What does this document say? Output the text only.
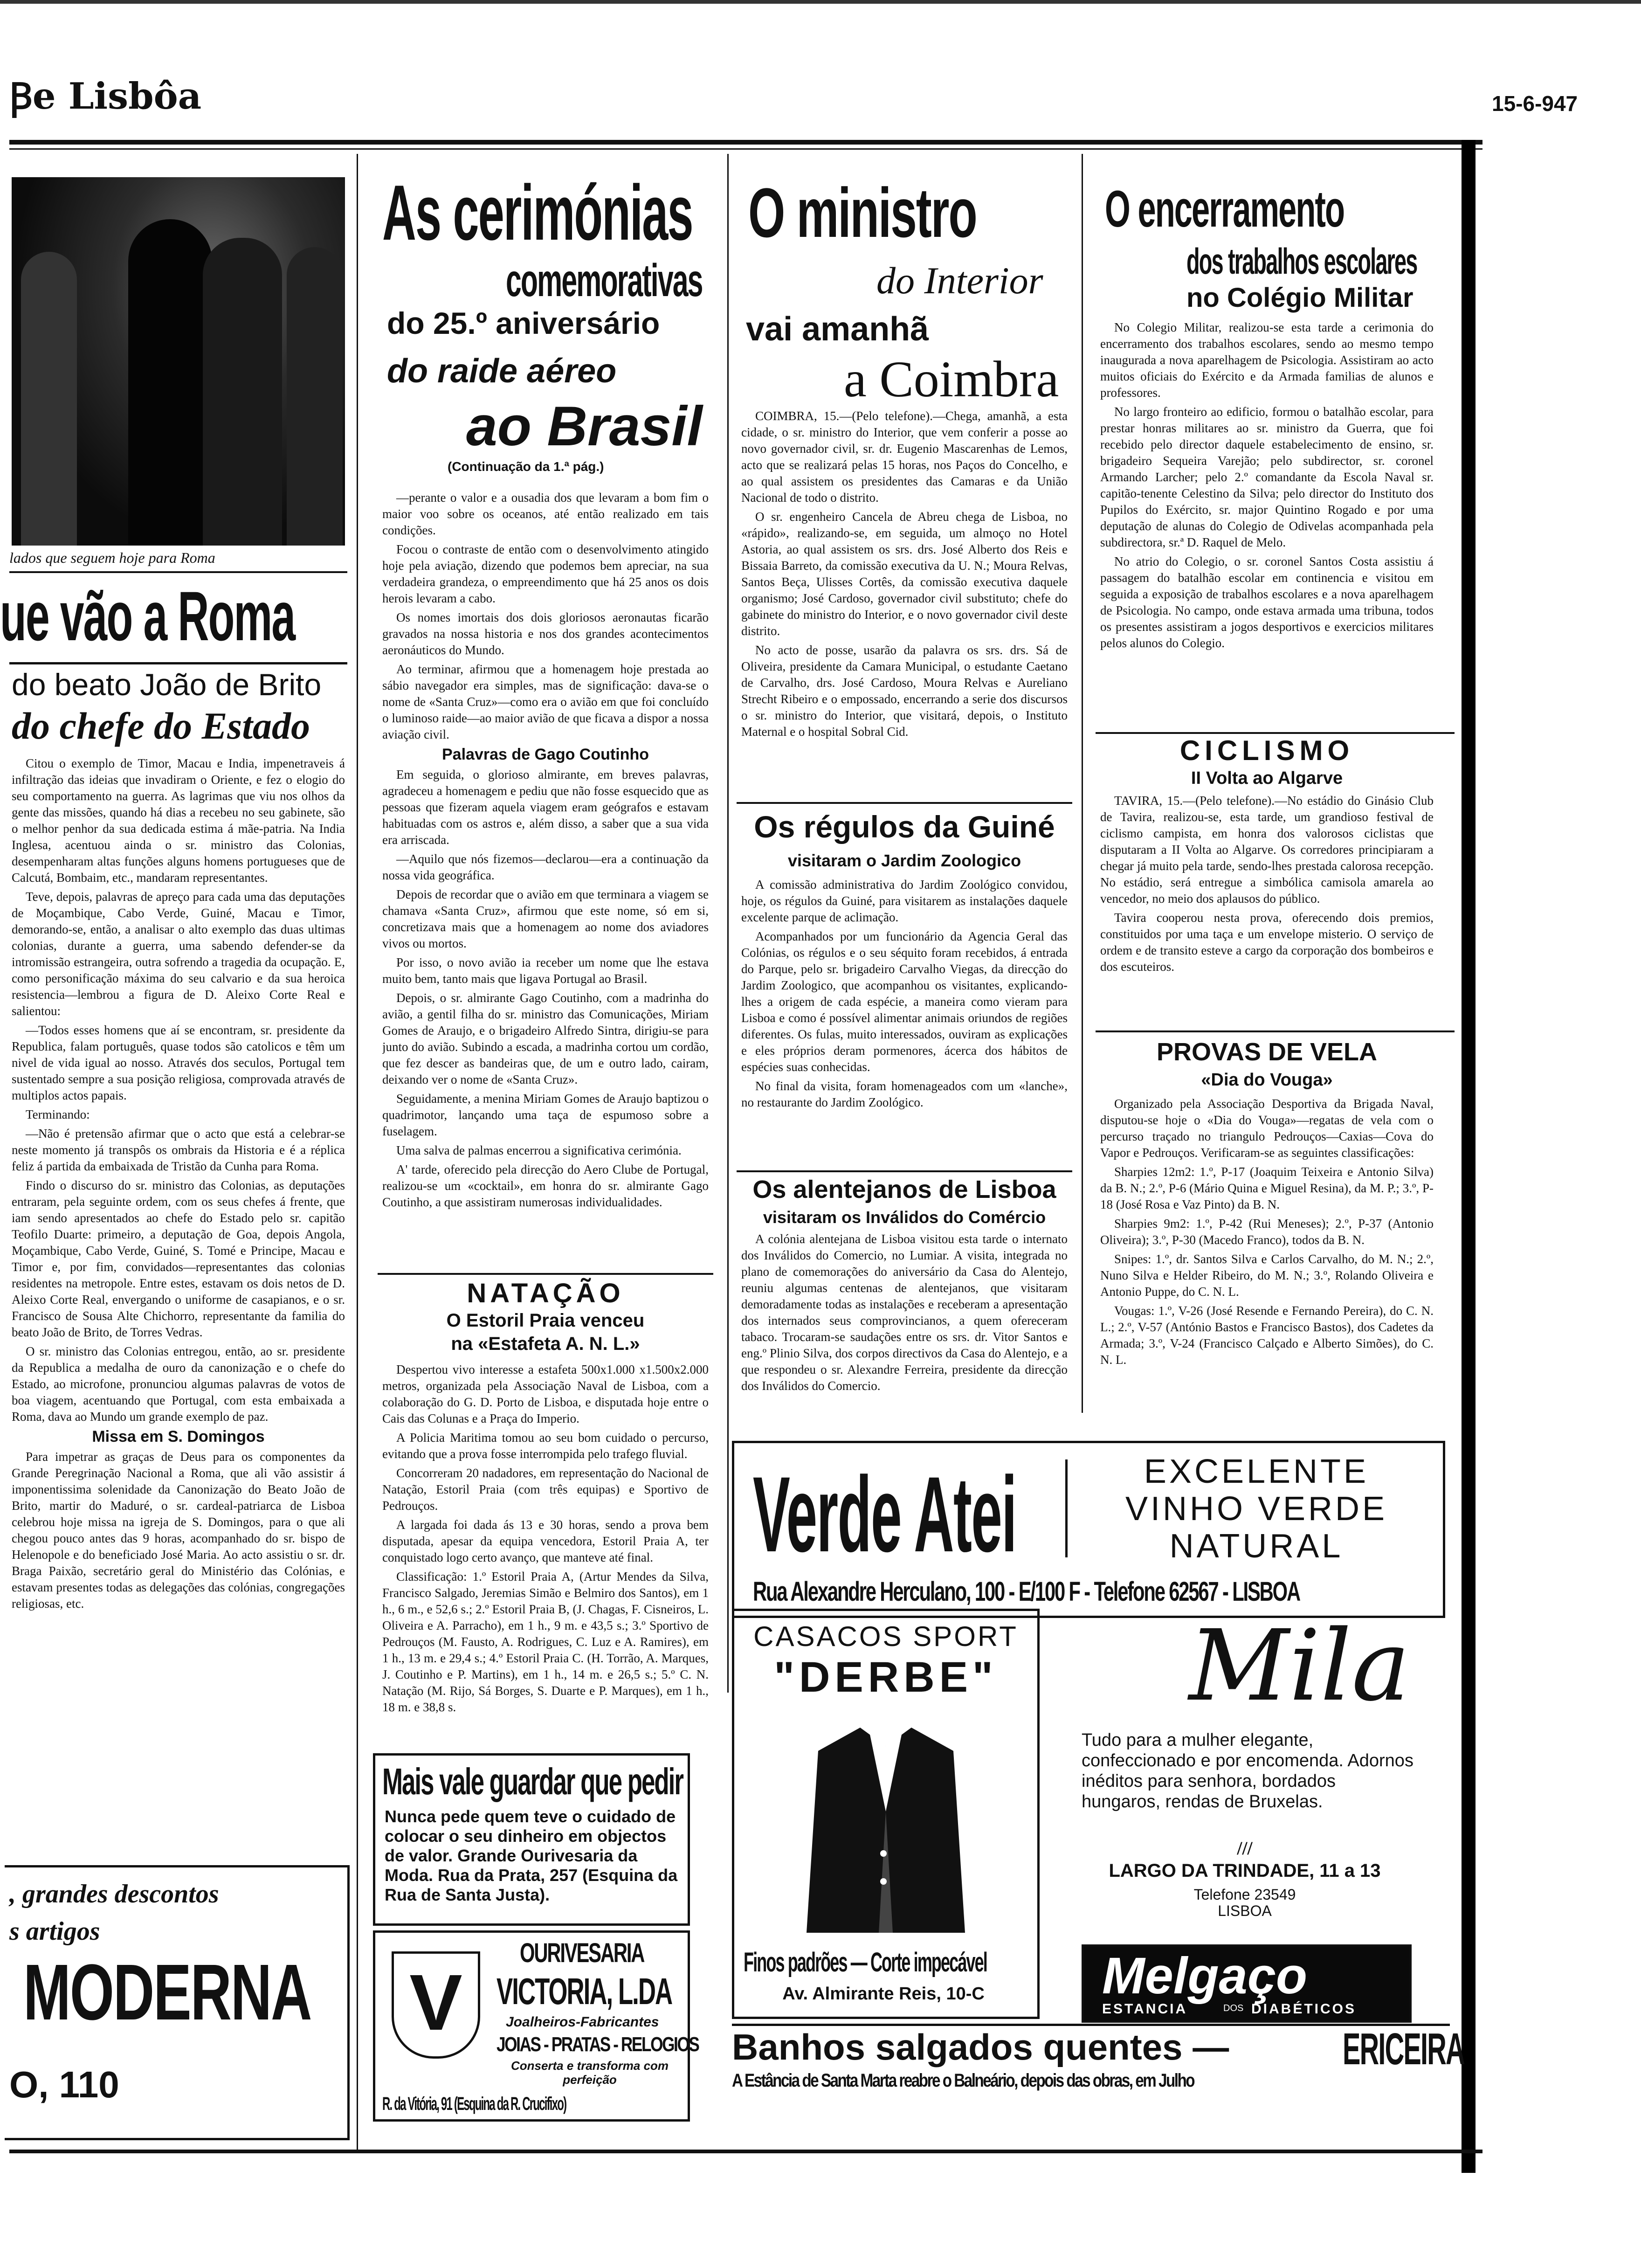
Ꞵe Lisbôa	15-6-947
lados que seguem hoje para Roma
ue vão a Roma
do beato João de Brito
do chefe do Estado

Citou o exemplo de Timor, Macau e India, impenetraveis á infiltração das ideias que invadiram o Oriente, e fez o elogio do seu comportamento na guerra. As lagrimas que viu nos olhos da gente das missões, quando há dias a recebeu no seu gabinete, são o melhor penhor da sua dedicada estima á mãe-patria. Na India Inglesa, acentuou ainda o sr. ministro das Colonias, desempenharam altas funções alguns homens portugueses que de Calcutá, Bombaim, etc., mandaram representantes.

Teve, depois, palavras de apreço para cada uma das deputações de Moçambique, Cabo Verde, Guiné, Macau e Timor, demorando-se, então, a analisar o alto exemplo das duas ultimas colonias, durante a guerra, uma sabendo defender-se da intromissão estrangeira, outra sofrendo a tragedia da ocupação. E, como personificação máxima do seu calvario e da sua heroica resistencia—lembrou a figura de D. Aleixo Corte Real e salientou:

—Todos esses homens que aí se encontram, sr. presidente da Republica, falam português, quase todos são catolicos e têm um nivel de vida igual ao nosso. Através dos seculos, Portugal tem sustentado sempre a sua posição religiosa, comprovada através de multiplos actos papais.

Terminando:

—Não é pretensão afirmar que o acto que está a celebrar-se neste momento já transpôs os ombrais da Historia e é a réplica feliz á partida da embaixada de Tristão da Cunha para Roma.

Findo o discurso do sr. ministro das Colonias, as deputações entraram, pela seguinte ordem, com os seus chefes á frente, que iam sendo apresentados ao chefe do Estado pelo sr. capitão Teofilo Duarte: primeiro, a deputação de Goa, depois Angola, Moçambique, Cabo Verde, Guiné, S. Tomé e Principe, Macau e Timor e, por fim, convidados—representantes das colonias residentes na metropole. Entre estes, estavam os dois netos de D. Aleixo Corte Real, envergando o uniforme de casapianos, e o sr. Francisco de Sousa Alte Chichorro, representante da familia do beato João de Brito, de Torres Vedras.

O sr. ministro das Colonias entregou, então, ao sr. presidente da Republica a medalha de ouro da canonização e o chefe do Estado, ao microfone, pronunciou algumas palavras de votos de boa viagem, acentuando que Portugal, com esta embaixada a Roma, dava ao Mundo um grande exemplo de paz.

Missa em S. Domingos

Para impetrar as graças de Deus para os componentes da Grande Peregrinação Nacional a Roma, que ali vão assistir á imponentissima solenidade da Canonização do Beato João de Brito, martir do Maduré, o sr. cardeal-patriarca de Lisboa celebrou hoje missa na igreja de S. Domingos, para o que ali chegou pouco antes das 9 horas, acompanhado do sr. bispo de Helenopole e do beneficiado José Maria. Ao acto assistiu o sr. dr. Braga Paixão, secretário geral do Ministério das Colónias, e estavam presentes todas as delegações das colónias, congregações religiosas, etc.

, grandes descontos
s artigos
MODERNA
O, 110
As cerimónias
comemorativas
do 25.º aniversário
do raide aéreo
ao Brasil
(Continuação da 1.ª pág.)

—perante o valor e a ousadia dos que levaram a bom fim o maior voo sobre os oceanos, até então realizado em tais condições.

Focou o contraste de então com o desenvolvimento atingido hoje pela aviação, dizendo que podemos bem apreciar, na sua verdadeira grandeza, o empreendimento que há 25 anos os dois herois levaram a cabo.

Os nomes imortais dos dois gloriosos aeronautas ficarão gravados na nossa historia e nos dos grandes acontecimentos aeronáuticos do Mundo.

Ao terminar, afirmou que a homenagem hoje prestada ao sábio navegador era simples, mas de significação: dava-se o nome de «Santa Cruz»—como era o avião em que foi concluído o luminoso raide—ao maior avião de que ficava a dispor a nossa aviação civil.

Palavras de Gago Coutinho

Em seguida, o glorioso almirante, em breves palavras, agradeceu a homenagem e pediu que não fosse esquecido que as pessoas que fizeram aquela viagem eram geógrafos e estavam habituadas com os astros e, além disso, a saber que a sua vida era arriscada.

—Aquilo que nós fizemos—declarou—era a continuação da nossa vida geográfica.

Depois de recordar que o avião em que terminara a viagem se chamava «Santa Cruz», afirmou que este nome, só em si, concretizava mais que a homenagem ao nome dos aviadores vivos ou mortos.

Por isso, o novo avião ia receber um nome que lhe estava muito bem, tanto mais que ligava Portugal ao Brasil.

Depois, o sr. almirante Gago Coutinho, com a madrinha do avião, a gentil filha do sr. ministro das Comunicações, Miriam Gomes de Araujo, e o brigadeiro Alfredo Sintra, dirigiu-se para junto do avião. Subindo a escada, a madrinha cortou um cordão, que fez descer as bandeiras que, de um e outro lado, cairam, deixando ver o nome de «Santa Cruz».

Seguidamente, a menina Miriam Gomes de Araujo baptizou o quadrimotor, lançando uma taça de espumoso sobre a fuselagem.

Uma salva de palmas encerrou a significativa cerimónia.

A' tarde, oferecido pela direcção do Aero Clube de Portugal, realizou-se um «cocktail», em honra do sr. almirante Gago Coutinho, a que assistiram numerosas individualidades.

NATAÇÃO
O Estoril Praia venceu
na «Estafeta A. N. L.»

Despertou vivo interesse a estafeta 500x1.000 x1.500x2.000 metros, organizada pela Associação Naval de Lisboa, com a colaboração do G. D. Porto de Lisboa, e disputada hoje entre o Cais das Colunas e a Praça do Imperio.

A Policia Maritima tomou ao seu bom cuidado o percurso, evitando que a prova fosse interrompida pelo trafego fluvial.

Concorreram 20 nadadores, em representação do Nacional de Natação, Estoril Praia (com três equipas) e Sportivo de Pedrouços.

A largada foi dada ás 13 e 30 horas, sendo a prova bem disputada, apesar da equipa vencedora, Estoril Praia A, ter conquistado logo certo avanço, que manteve até final.

Classificação: 1.º Estoril Praia A, (Artur Mendes da Silva, Francisco Salgado, Jeremias Simão e Belmiro dos Santos), em 1 h., 6 m., e 52,6 s.; 2.º Estoril Praia B, (J. Chagas, F. Cisneiros, L. Oliveira e A. Parracho), em 1 h., 9 m. e 43,5 s.; 3.º Sportivo de Pedrouços (M. Fausto, A. Rodrigues, C. Luz e A. Ramires), em 1 h., 13 m. e 29,4 s.; 4.º Estoril Praia C. (H. Torrão, A. Marques, J. Coutinho e P. Martins), em 1 h., 14 m. e 26,5 s.; 5.º C. N. Natação (M. Rijo, Sá Borges, S. Duarte e P. Marques), em 1 h., 18 m. e 38,8 s.

Mais vale guardar que pedir
Nunca pede quem teve o cuidado de colocar o seu dinheiro em objectos de valor. Grande Ourivesaria da Moda. Rua da Prata, 257 (Esquina da Rua de Santa Justa).
V
OURIVESARIA
VICTORIA, L.DA
Joalheiros-Fabricantes
JOIAS - PRATAS - RELOGIOS
Conserta e transforma com perfeição
R. da Vitória, 91 (Esquina da R. Crucifixo)
O ministro
do Interior
vai amanhã
a Coimbra

COIMBRA, 15.—(Pelo telefone).—Chega, amanhã, a esta cidade, o sr. ministro do Interior, que vem conferir a posse ao novo governador civil, sr. dr. Eugenio Mascarenhas de Lemos, acto que se realizará pelas 15 horas, nos Paços do Concelho, e ao qual assistem os presidentes das Camaras e da União Nacional de todo o distrito.

O sr. engenheiro Cancela de Abreu chega de Lisboa, no «rápido», realizando-se, em seguida, um almoço no Hotel Astoria, ao qual assistem os srs. drs. José Alberto dos Reis e Bissaia Barreto, da comissão executiva da U. N.; Moura Relvas, Santos Beça, Ulisses Cortês, da comissão executiva daquele organismo; José Cardoso, governador civil substituto; chefe do gabinete do ministro do Interior, e o novo governador civil deste distrito.

No acto de posse, usarão da palavra os srs. drs. Sá de Oliveira, presidente da Camara Municipal, o estudante Caetano de Carvalho, drs. José Cardoso, Moura Relvas e Aureliano Strecht Ribeiro e o empossado, encerrando a serie dos discursos o sr. ministro do Interior, que visitará, depois, o Instituto Maternal e o hospital Sobral Cid.

Os régulos da Guiné
visitaram o Jardim Zoologico

A comissão administrativa do Jardim Zoológico convidou, hoje, os régulos da Guiné, para visitarem as instalações daquele excelente parque de aclimação.

Acompanhados por um funcionário da Agencia Geral das Colónias, os régulos e o seu séquito foram recebidos, á entrada do Parque, pelo sr. brigadeiro Carvalho Viegas, da direcção do Jardim Zoologico, que acompanhou os visitantes, explicando-lhes a origem de cada espécie, a maneira como vieram para Lisboa e como é possível alimentar animais oriundos de regiões diferentes. Os fulas, muito interessados, ouviram as explicações e eles próprios deram pormenores, ácerca dos hábitos de espécies suas conhecidas.

No final da visita, foram homenageados com um «lanche», no restaurante do Jardim Zoológico.

Os alentejanos de Lisboa
visitaram os Inválidos do Comércio

A colónia alentejana de Lisboa visitou esta tarde o internato dos Inválidos do Comercio, no Lumiar. A visita, integrada no plano de comemorações do aniversário da Casa do Alentejo, reuniu algumas centenas de alentejanos, que visitaram demoradamente todas as instalações e receberam a apresentação dos internados seus comprovincianos, a quem ofereceram tabaco. Trocaram-se saudações entre os srs. dr. Vitor Santos e eng.º Plinio Silva, dos corpos directivos da Casa do Alentejo, e a que respondeu o sr. Alexandre Ferreira, presidente da direcção dos Inválidos do Comercio.

O encerramento
dos trabalhos escolares
no Colégio Militar

No Colegio Militar, realizou-se esta tarde a cerimonia do encerramento dos trabalhos escolares, sendo ao mesmo tempo inaugurada a nova aparelhagem de Psicologia. Assistiram ao acto muitos oficiais do Exército e da Armada familias de alunos e professores.

No largo fronteiro ao edificio, formou o batalhão escolar, para prestar honras militares ao sr. ministro da Guerra, que foi recebido pelo director daquele estabelecimento de ensino, sr. brigadeiro Sequeira Varejão; pelo subdirector, sr. coronel Armando Larcher; pelo 2.º comandante da Escola Naval sr. capitão-tenente Celestino da Silva; pelo director do Instituto dos Pupilos do Exército, sr. major Quintino Rogado e por uma deputação de alunas do Colegio de Odivelas acompanhada pela subdirectora, sr.ª D. Raquel de Melo.

No atrio do Colegio, o sr. coronel Santos Costa assistiu á passagem do batalhão escolar em continencia e visitou em seguida a exposição de trabalhos escolares e a nova aparelhagem de Psicologia. No campo, onde estava armada uma tribuna, todos os presentes assistiram a jogos desportivos e exercicios militares pelos alunos do Colegio.

CICLISMO
II Volta ao Algarve

TAVIRA, 15.—(Pelo telefone).—No estádio do Ginásio Club de Tavira, realizou-se, esta tarde, um grandioso festival de ciclismo campista, em honra dos valorosos ciclistas que disputaram a II Volta ao Algarve. Os corredores principiaram a chegar já muito pela tarde, sendo-lhes prestada calorosa recepção. No estádio, será entregue a simbólica camisola amarela ao vencedor, no meio dos aplausos do público.

Tavira cooperou nesta prova, oferecendo dois premios, constituidos por uma taça e um envelope misterio. O serviço de ordem e de transito esteve a cargo da corporação dos bombeiros e dos escuteiros.

PROVAS DE VELA
«Dia do Vouga»

Organizado pela Associação Desportiva da Brigada Naval, disputou-se hoje o «Dia do Vouga»—regatas de vela com o percurso traçado no triangulo Pedrouços—Caxias—Cova do Vapor e Pedrouços. Verificaram-se as seguintes classificações:

Sharpies 12m2: 1.º, P-17 (Joaquim Teixeira e Antonio Silva) da B. N.; 2.º, P-6 (Mário Quina e Miguel Resina), da M. P.; 3.º, P-18 (José Rosa e Vaz Pinto) da B. N.

Sharpies 9m2: 1.º, P-42 (Rui Meneses); 2.º, P-37 (Antonio Oliveira); 3.º, P-30 (Macedo Franco), todos da B. N.

Snipes: 1.º, dr. Santos Silva e Carlos Carvalho, do M. N.; 2.º, Nuno Silva e Helder Ribeiro, do M. N.; 3.º, Rolando Oliveira e Antonio Puppe, do C. N. L.

Vougas: 1.º, V-26 (José Resende e Fernando Pereira), do C. N. L.; 2.º, V-57 (António Bastos e Francisco Bastos), dos Cadetes da Armada; 3.º, V-24 (Francisco Calçado e Alberto Simões), do C. N. L.

Verde Atei	EXCELENTE
VINHO VERDE
NATURAL
Rua Alexandre Herculano, 100 - E/100 F - Telefone 62567 - LISBOA
CASACOS SPORT
"DERBE"
Finos padrões — Corte impecável
Av. Almirante Reis, 10-C
Mila
Tudo para a mulher elegante, confeccionado e por encomenda. Adornos inéditos para senhora, bordados hungaros, rendas de Bruxelas.
///
LARGO DA TRINDADE, 11 a 13
Telefone 23549
LISBOA
Melgaço
ESTANCIA	DOS DIABÉTICOS
Banhos salgados quentes —	ERICEIRA
A Estância de Santa Marta reabre o Balneário, depois das obras, em Julho
